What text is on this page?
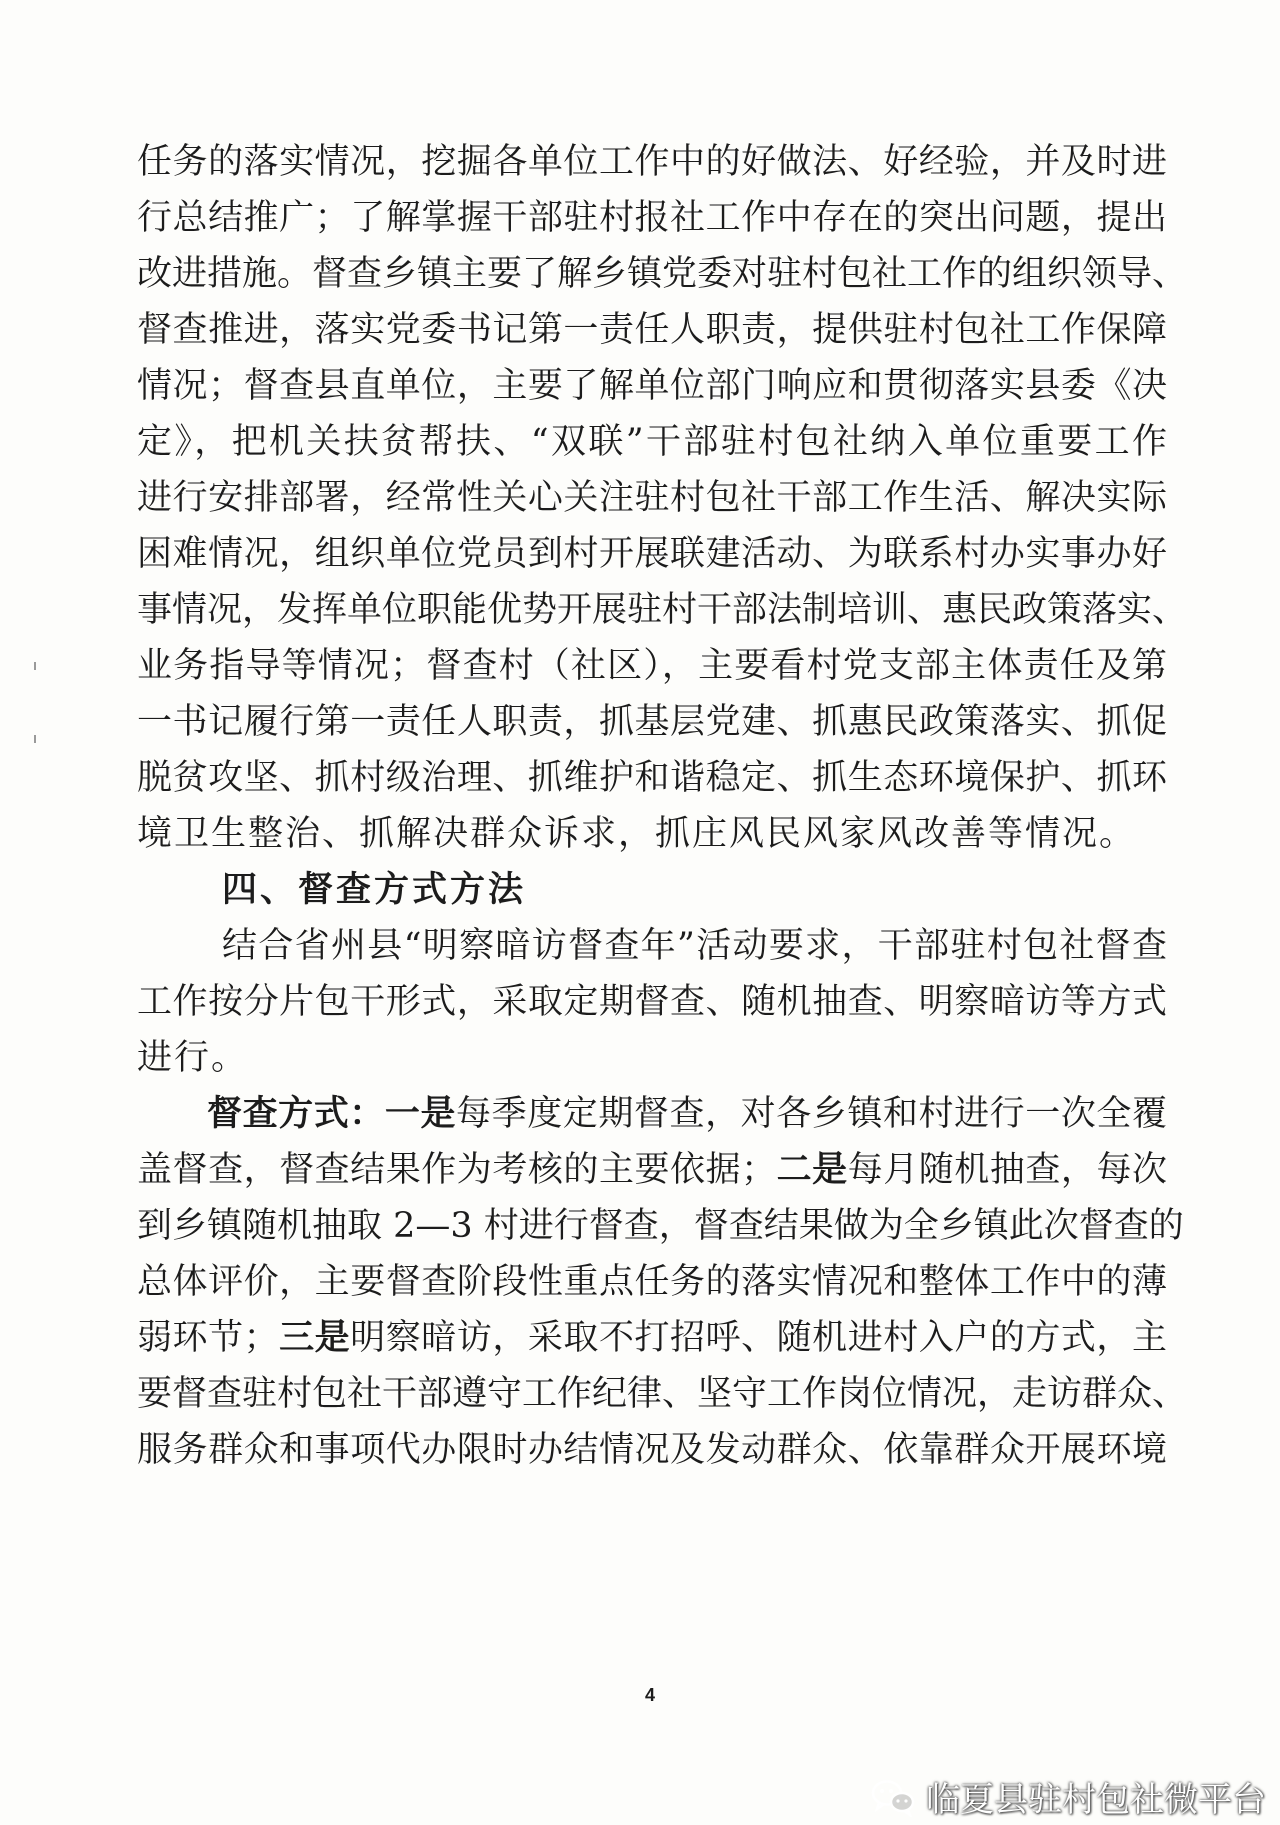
任务的落实情况，挖掘各单位工作中的好做法、好经验，并及时进
行总结推广；了解掌握干部驻村报社工作中存在的突出问题，提出
改进措施。督查乡镇主要了解乡镇党委对驻村包社工作的组织领导、
督查推进，落实党委书记第一责任人职责，提供驻村包社工作保障
情况；督查县直单位，主要了解单位部门响应和贯彻落实县委《决
定》，把机关扶贫帮扶、“双联”干部驻村包社纳入单位重要工作
进行安排部署，经常性关心关注驻村包社干部工作生活、解决实际
困难情况，组织单位党员到村开展联建活动、为联系村办实事办好
事情况，发挥单位职能优势开展驻村干部法制培训、惠民政策落实、
业务指导等情况；督查村（社区），主要看村党支部主体责任及第
一书记履行第一责任人职责，抓基层党建、抓惠民政策落实、抓促
脱贫攻坚、抓村级治理、抓维护和谐稳定、抓生态环境保护、抓环
境卫生整治、抓解决群众诉求，抓庄风民风家风改善等情况。
四、督查方式方法
结合省州县“明察暗访督查年”活动要求，干部驻村包社督查
工作按分片包干形式，采取定期督查、随机抽查、明察暗访等方式
进行。
督查方式：一是每季度定期督查，对各乡镇和村进行一次全覆
盖督查，督查结果作为考核的主要依据；二是每月随机抽查，每次
到乡镇随机抽取 2—3 村进行督查，督查结果做为全乡镇此次督查的
总体评价，主要督查阶段性重点任务的落实情况和整体工作中的薄
弱环节；三是明察暗访，采取不打招呼、随机进村入户的方式，主
要督查驻村包社干部遵守工作纪律、坚守工作岗位情况，走访群众、
服务群众和事项代办限时办结情况及发动群众、依靠群众开展环境
4
临夏县驻村包社微平台
